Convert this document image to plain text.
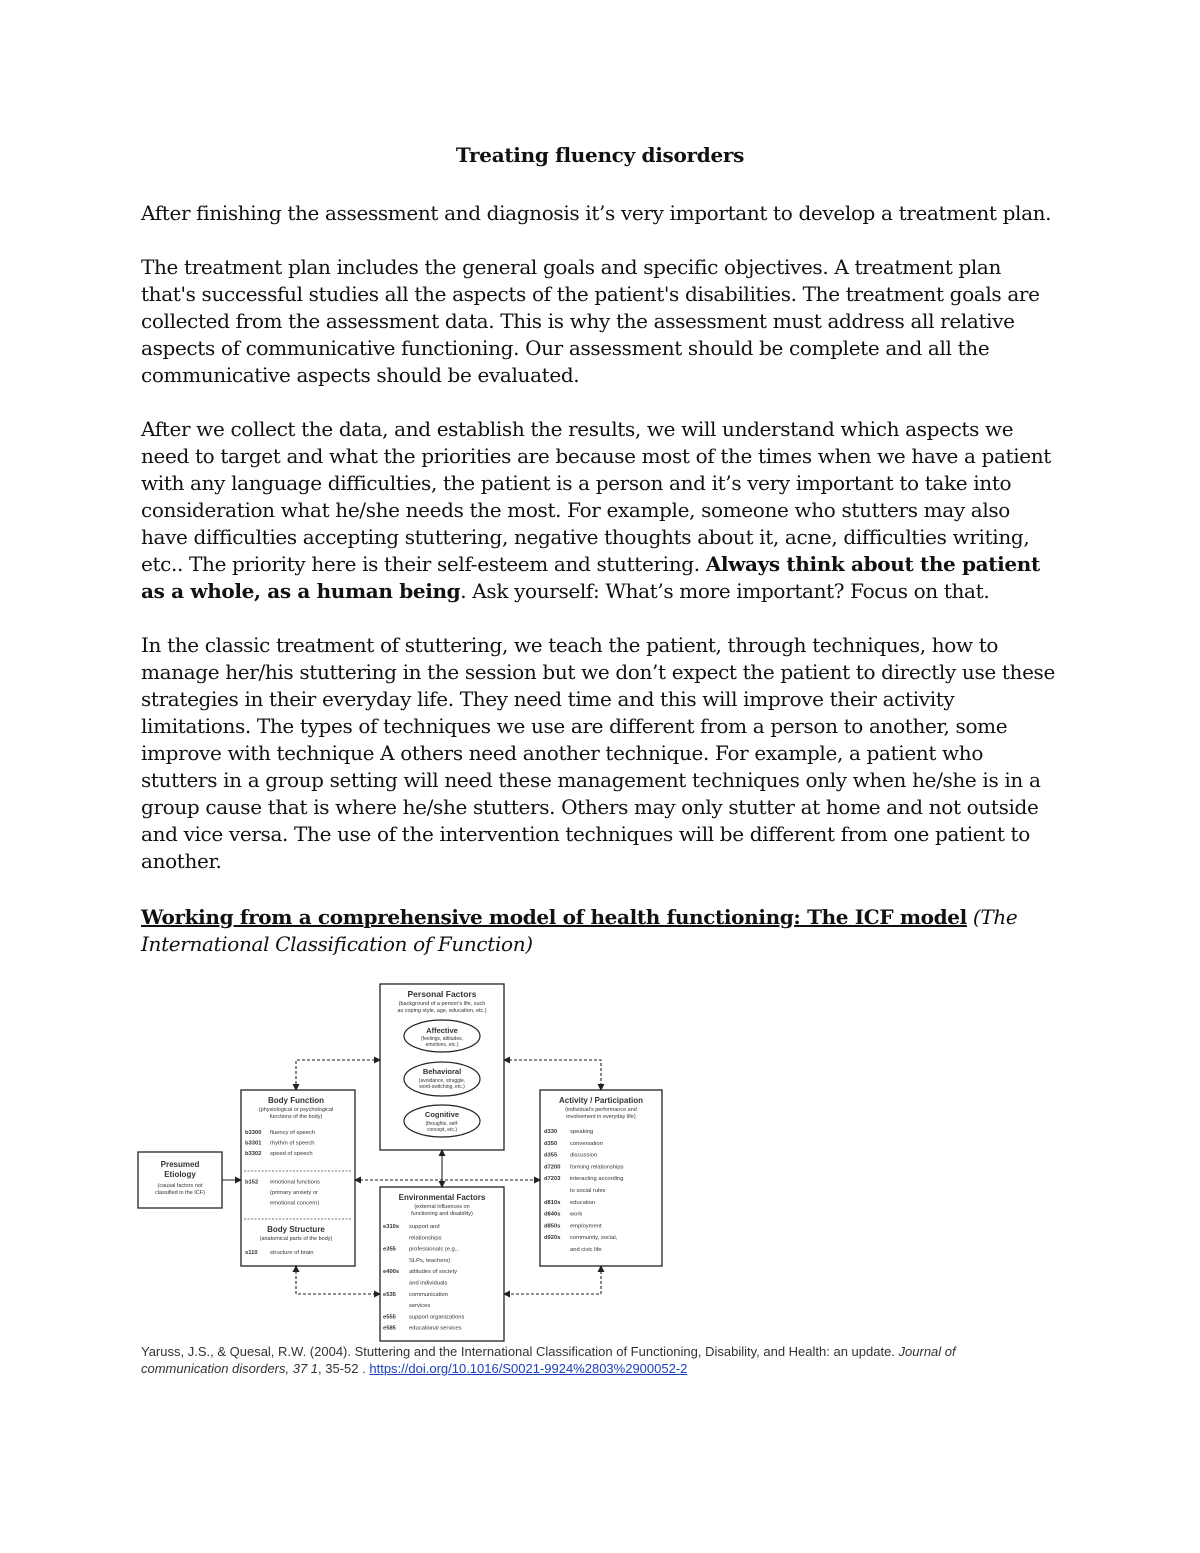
Treating fluency disorders

After finishing the assessment and diagnosis it’s very important to develop a treatment plan.

The treatment plan includes the general goals and specific objectives. A treatment plan that's successful studies all the aspects of the patient's disabilities. The treatment goals are collected from the assessment data. This is why the assessment must address all relative aspects of communicative functioning. Our assessment should be complete and all the communicative aspects should be evaluated.

After we collect the data, and establish the results, we will understand which aspects we need to target and what the priorities are because most of the times when we have a patient with any language difficulties, the patient is a person and it’s very important to take into consideration what he/she needs the most. For example, someone who stutters may also have difficulties accepting stuttering, negative thoughts about it, acne, difficulties writing, etc.. The priority here is their self-esteem and stuttering. Always think about the patient as a whole, as a human being. Ask yourself: What’s more important? Focus on that.

In the classic treatment of stuttering, we teach the patient, through techniques, how to manage her/his stuttering in the session but we don’t expect the patient to directly use these strategies in their everyday life. They need time and this will improve their activity limitations. The types of techniques we use are different from a person to another, some improve with technique A others need another technique. For example, a patient who stutters in a group setting will need these management techniques only when he/she is in a group cause that is where he/she stutters. Others may only stutter at home and not outside and vice versa. The use of the intervention techniques will be different from one patient to another.

Working from a comprehensive model of health functioning: The ICF model (The International Classification of Function)

Personal Factors
(background of a person's life, such
as coping style, age, education, etc.)
Affective
(feelings, attitudes,
emotions, etc.)
Behavioral
(avoidance, struggle,
word-switching, etc.)
Cognitive
(thoughts, self-
concept, etc.)
Body Function
(physiological or psychological
functions of the body)
b3300 fluency of speech
b3301 rhythm of speech
b3302 speed of speech
b152 emotional functions
(primary anxiety or
emotional concern)
Body Structure
(anatomical parts of the body)
s110 structure of brain
Presumed
Etiology
(causal factors not
classified in the ICF)	Environmental Factors
(external influences on
functioning and disability)
e310s support and
relationships
e355 professionals (e.g.,
SLPs, teachers)
e400s attitudes of society
and individuals
e535 communication
services
e555 support organizations
e585 educational services
Activity / Participation
(individual's performance and
involvement in everyday life)
d330 speaking
d350 conversation
d355 discussion
d7200 forming relationships
d7203 interacting according
to social rules
d810s education
d840s work
d850s employment
d920s community, social,
and civic life

Yaruss, J.S., & Quesal, R.W. (2004). Stuttering and the International Classification of Functioning, Disability, and Health: an update. Journal of communication disorders, 37 1, 35-52 . https://doi.org/10.1016/S0021-9924%2803%2900052-2
